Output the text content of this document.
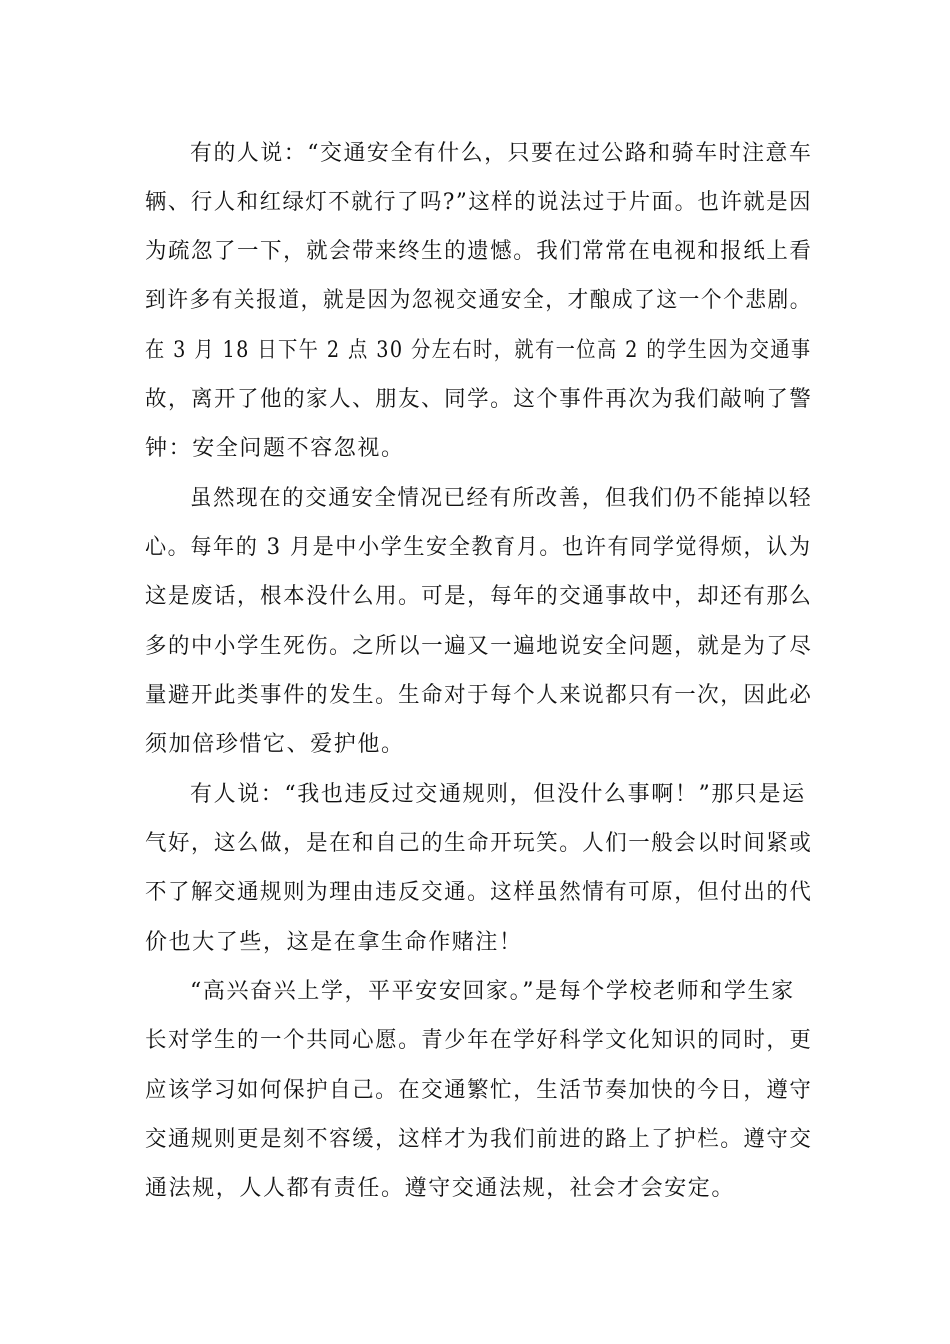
有的人说：“交通安全有什么，只要在过公路和骑车时注意车
辆、行人和红绿灯不就行了吗?”这样的说法过于片面。也许就是因
为疏忽了一下，就会带来终生的遗憾。我们常常在电视和报纸上看
到许多有关报道，就是因为忽视交通安全，才酿成了这一个个悲剧。
在 3 月 18 日下午 2 点 30 分左右时，就有一位高 2 的学生因为交通事
故，离开了他的家人、朋友、同学。这个事件再次为我们敲响了警
钟：安全问题不容忽视。
虽然现在的交通安全情况已经有所改善，但我们仍不能掉以轻
心。每年的 3 月是中小学生安全教育月。也许有同学觉得烦，认为
这是废话，根本没什么用。可是，每年的交通事故中，却还有那么
多的中小学生死伤。之所以一遍又一遍地说安全问题，就是为了尽
量避开此类事件的发生。生命对于每个人来说都只有一次，因此必
须加倍珍惜它、爱护他。
有人说：“我也违反过交通规则，但没什么事啊！”那只是运
气好，这么做，是在和自己的生命开玩笑。人们一般会以时间紧或
不了解交通规则为理由违反交通。这样虽然情有可原，但付出的代
价也大了些，这是在拿生命作赌注！
“高兴奋兴上学，平平安安回家。”是每个学校老师和学生家
长对学生的一个共同心愿。青少年在学好科学文化知识的同时，更
应该学习如何保护自己。在交通繁忙，生活节奏加快的今日，遵守
交通规则更是刻不容缓，这样才为我们前进的路上了护栏。遵守交
通法规，人人都有责任。遵守交通法规，社会才会安定。
